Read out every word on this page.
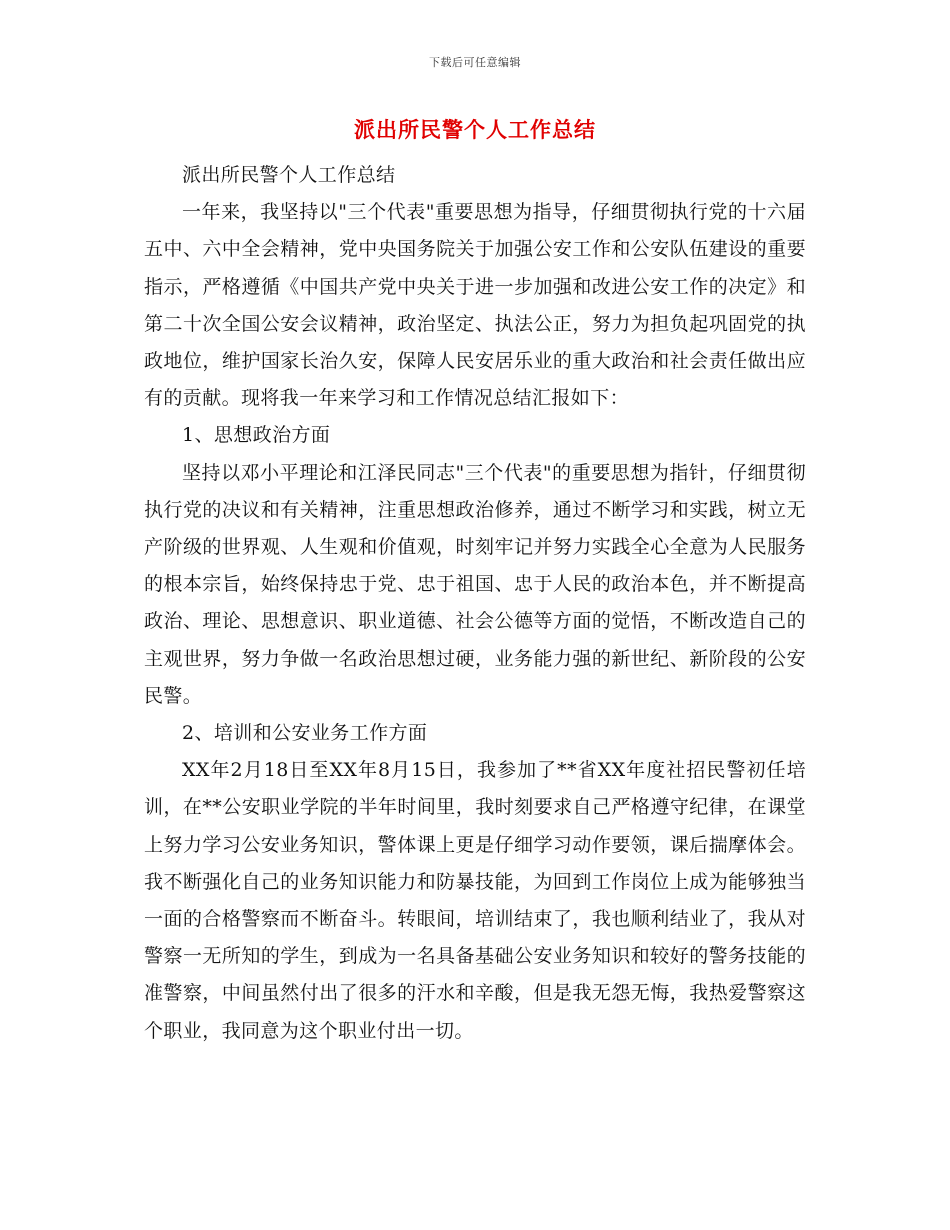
下载后可任意编辑
派出所民警个人工作总结

派出所民警个人工作总结

一年来，我坚持以"三个代表"重要思想为指导，仔细贯彻执行党的十六届五中、六中全会精神，党中央国务院关于加强公安工作和公安队伍建设的重要指示，严格遵循《中国共产党中央关于进一步加强和改进公安工作的决定》和第二十次全国公安会议精神，政治坚定、执法公正，努力为担负起巩固党的执政地位，维护国家长治久安，保障人民安居乐业的重大政治和社会责任做出应有的贡献。现将我一年来学习和工作情况总结汇报如下：

1、思想政治方面

坚持以邓小平理论和江泽民同志"三个代表"的重要思想为指针，仔细贯彻执行党的决议和有关精神，注重思想政治修养，通过不断学习和实践，树立无产阶级的世界观、人生观和价值观，时刻牢记并努力实践全心全意为人民服务的根本宗旨，始终保持忠于党、忠于祖国、忠于人民的政治本色，并不断提高政治、理论、思想意识、职业道德、社会公德等方面的觉悟，不断改造自己的主观世界，努力争做一名政治思想过硬，业务能力强的新世纪、新阶段的公安民警。

2、培训和公安业务工作方面

XX年2月18日至XX年8月15日，我参加了**省XX年度社招民警初任培训，在**公安职业学院的半年时间里，我时刻要求自己严格遵守纪律，在课堂上努力学习公安业务知识，警体课上更是仔细学习动作要领，课后揣摩体会。我不断强化自己的业务知识能力和防暴技能，为回到工作岗位上成为能够独当一面的合格警察而不断奋斗。转眼间，培训结束了，我也顺利结业了，我从对警察一无所知的学生，到成为一名具备基础公安业务知识和较好的警务技能的准警察，中间虽然付出了很多的汗水和辛酸，但是我无怨无悔，我热爱警察这个职业，我同意为这个职业付出一切。
